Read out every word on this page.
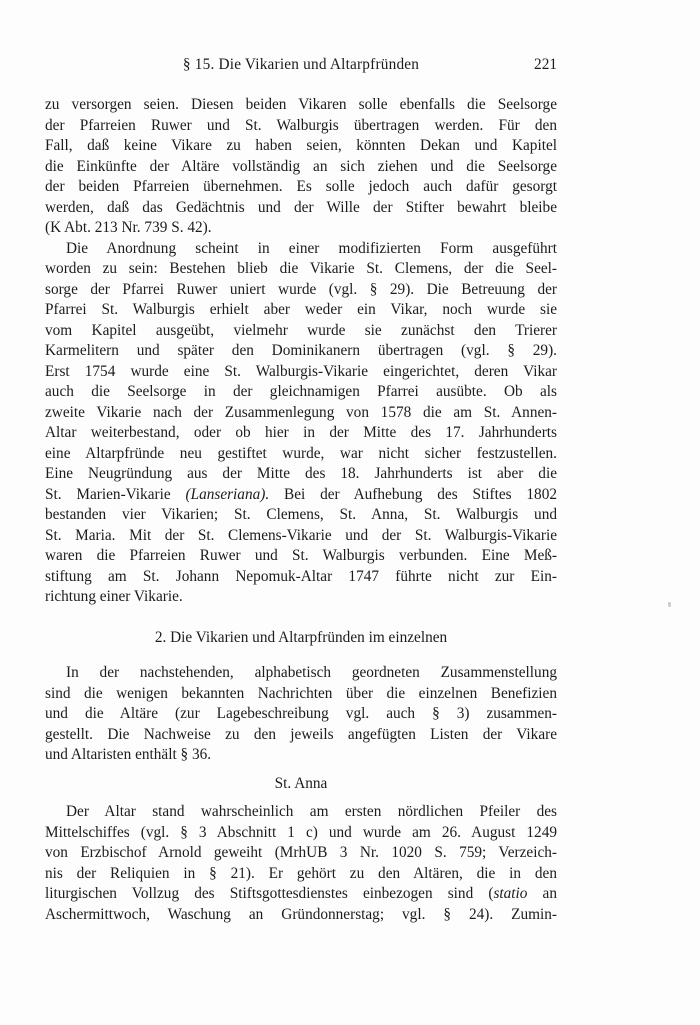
§ 15. Die Vikarien und Altarpfründen	221
zu versorgen seien. Diesen beiden Vikaren solle ebenfalls die Seelsorge
der Pfarreien Ruwer und St. Walburgis übertragen werden. Für den
Fall, daß keine Vikare zu haben seien, könnten Dekan und Kapitel
die Einkünfte der Altäre vollständig an sich ziehen und die Seelsorge
der beiden Pfarreien übernehmen. Es solle jedoch auch dafür gesorgt
werden, daß das Gedächtnis und der Wille der Stifter bewahrt bleibe
(K Abt. 213 Nr. 739 S. 42).
Die Anordnung scheint in einer modifizierten Form ausgeführt
worden zu sein: Bestehen blieb die Vikarie St. Clemens, der die Seel-
sorge der Pfarrei Ruwer uniert wurde (vgl. § 29). Die Betreuung der
Pfarrei St. Walburgis erhielt aber weder ein Vikar, noch wurde sie
vom Kapitel ausgeübt, vielmehr wurde sie zunächst den Trierer
Karmelitern und später den Dominikanern übertragen (vgl. § 29).
Erst 1754 wurde eine St. Walburgis-Vikarie eingerichtet, deren Vikar
auch die Seelsorge in der gleichnamigen Pfarrei ausübte. Ob als
zweite Vikarie nach der Zusammenlegung von 1578 die am St. Annen-
Altar weiterbestand, oder ob hier in der Mitte des 17. Jahrhunderts
eine Altarpfründe neu gestiftet wurde, war nicht sicher festzustellen.
Eine Neugründung aus der Mitte des 18. Jahrhunderts ist aber die
St. Marien-Vikarie (Lanseriana). Bei der Aufhebung des Stiftes 1802
bestanden vier Vikarien; St. Clemens, St. Anna, St. Walburgis und
St. Maria. Mit der St. Clemens-Vikarie und der St. Walburgis-Vikarie
waren die Pfarreien Ruwer und St. Walburgis verbunden. Eine Meß-
stiftung am St. Johann Nepomuk-Altar 1747 führte nicht zur Ein-
richtung einer Vikarie.
2. Die Vikarien und Altarpfründen im einzelnen
In der nachstehenden, alphabetisch geordneten Zusammenstellung
sind die wenigen bekannten Nachrichten über die einzelnen Benefizien
und die Altäre (zur Lagebeschreibung vgl. auch § 3) zusammen-
gestellt. Die Nachweise zu den jeweils angefügten Listen der Vikare
und Altaristen enthält § 36.
St. Anna
Der Altar stand wahrscheinlich am ersten nördlichen Pfeiler des
Mittelschiffes (vgl. § 3 Abschnitt 1 c) und wurde am 26. August 1249
von Erzbischof Arnold geweiht (MrhUB 3 Nr. 1020 S. 759; Verzeich-
nis der Reliquien in § 21). Er gehört zu den Altären, die in den
liturgischen Vollzug des Stiftsgottesdienstes einbezogen sind (statio an
Aschermittwoch, Waschung an Gründonnerstag; vgl. § 24). Zumin-
